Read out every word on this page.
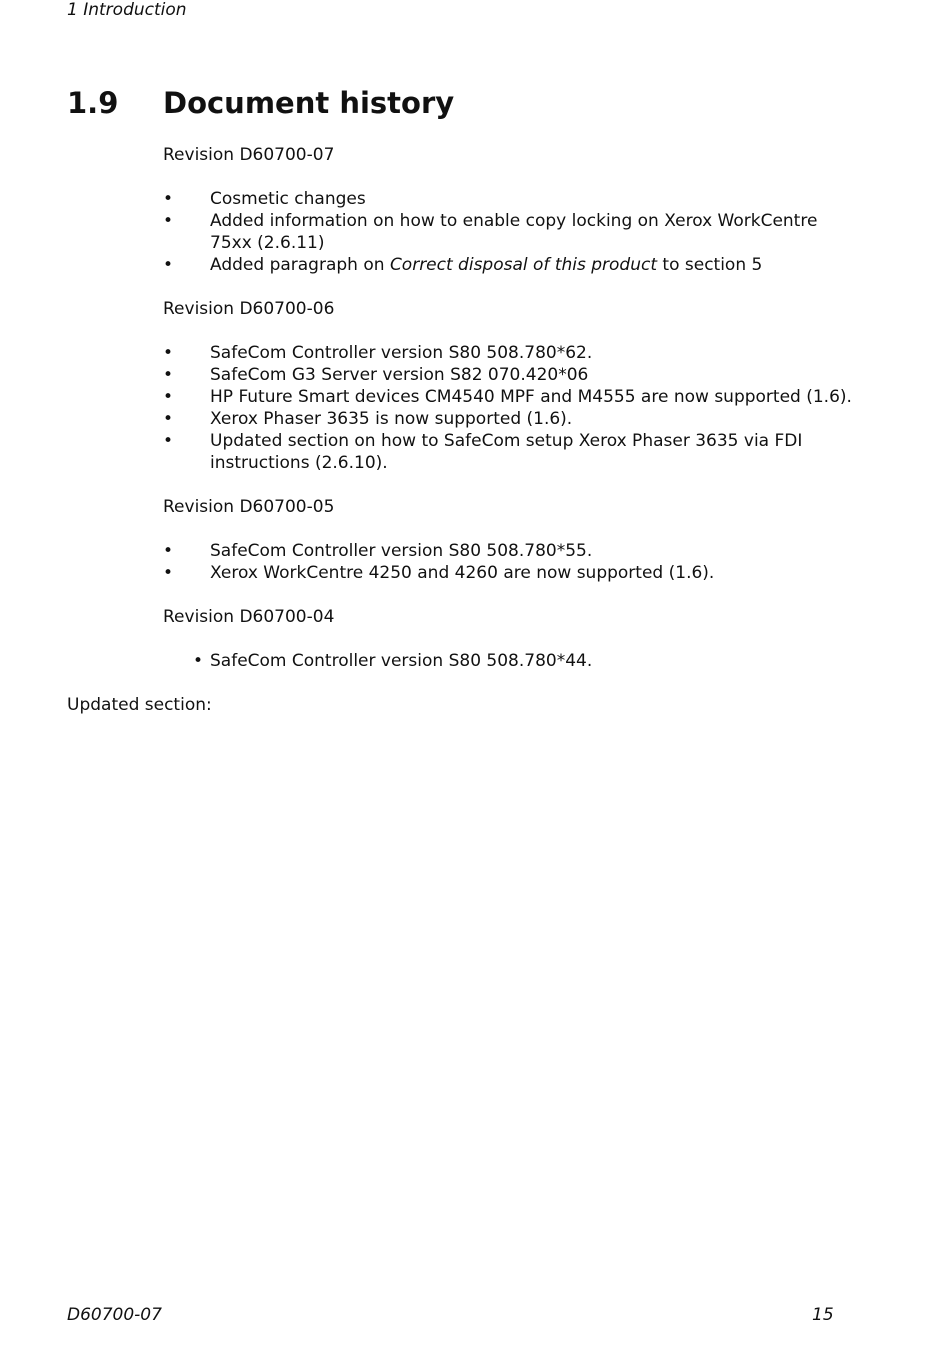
1 Introduction
1.9	Document history

Revision D60700-07

• Cosmetic changes
• Added information on how to enable copy locking on Xerox WorkCentre 75xx (2.6.11)
• Added paragraph on Correct disposal of this product to section 5

Revision D60700-06

• SafeCom Controller version S80 508.780*62.
• SafeCom G3 Server version S82 070.420*06
• HP Future Smart devices CM4540 MPF and M4555 are now supported (1.6).
• Xerox Phaser 3635 is now supported (1.6).
• Updated section on how to SafeCom setup Xerox Phaser 3635 via FDI instructions (2.6.10).

Revision D60700-05

• SafeCom Controller version S80 508.780*55.
• Xerox WorkCentre 4250 and 4260 are now supported (1.6).

Revision D60700-04

• SafeCom Controller version S80 508.780*44.
Updated section:
D60700-07	15
